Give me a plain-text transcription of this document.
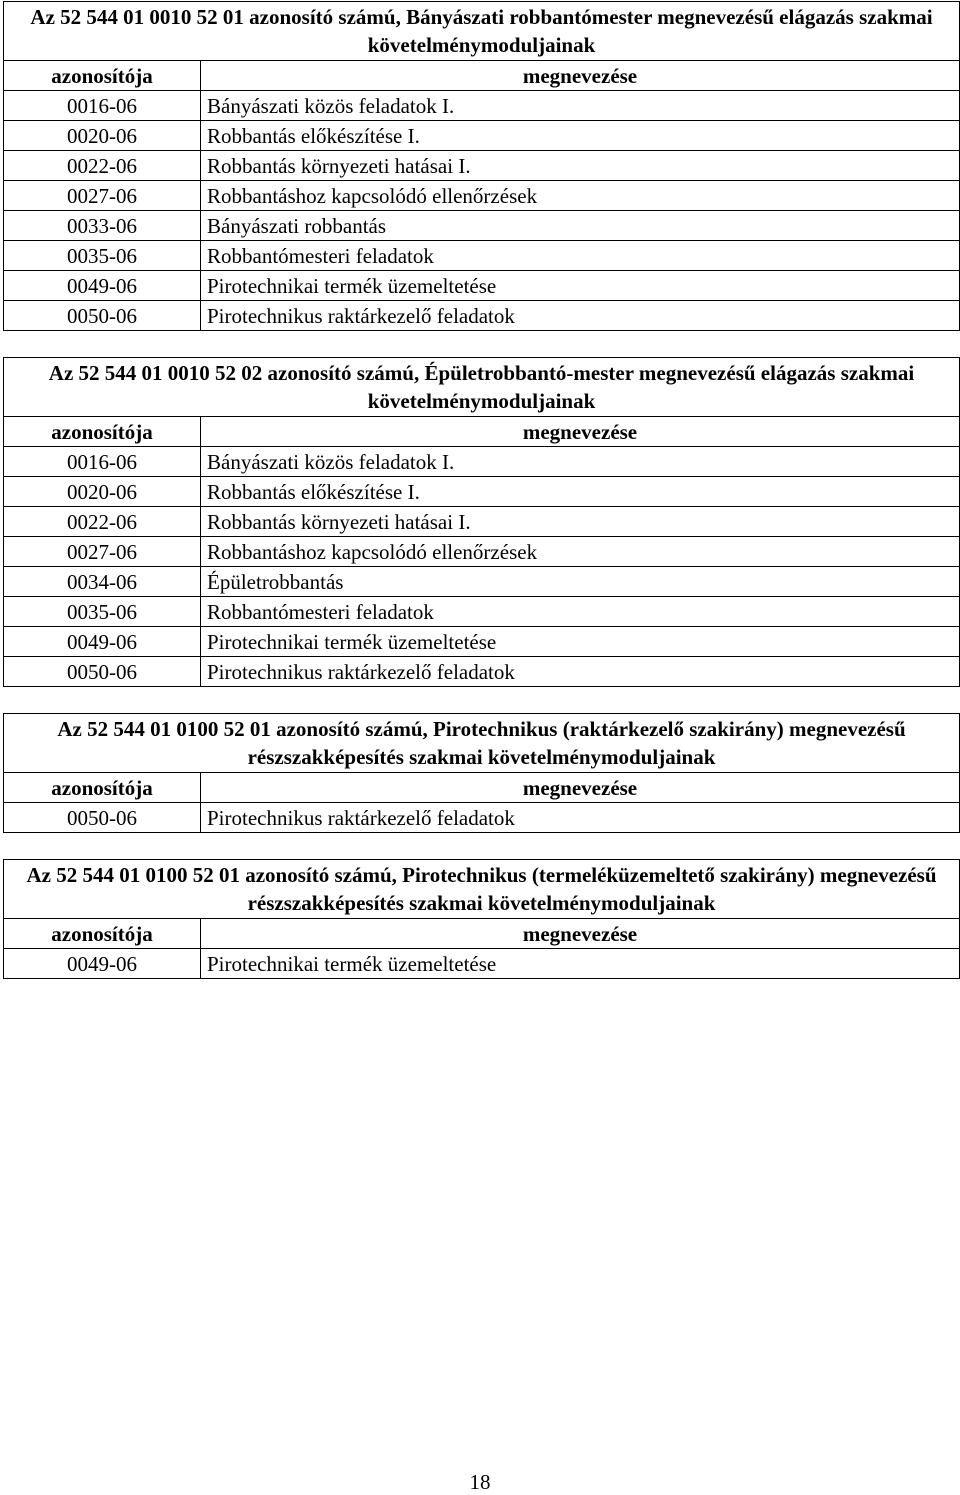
Az 52 544 01 0010 52 01 azonosító számú, Bányászati robbantómester megnevezésű elágazás szakmai követelménymoduljainak	
azonosítója	megnevezése
0016-06	Bányászati közös feladatok I.
0020-06	Robbantás előkészítése I.
0022-06	Robbantás környezeti hatásai I.
0027-06	Robbantáshoz kapcsolódó ellenőrzések
0033-06	Bányászati robbantás
0035-06	Robbantómesteri feladatok
0049-06	Pirotechnikai termék üzemeltetése
0050-06	Pirotechnikus raktárkezelő feladatok
Az 52 544 01 0010 52 02 azonosító számú, Épületrobbantó-mester megnevezésű elágazás szakmai követelménymoduljainak	
azonosítója	megnevezése
0016-06	Bányászati közös feladatok I.
0020-06	Robbantás előkészítése I.
0022-06	Robbantás környezeti hatásai I.
0027-06	Robbantáshoz kapcsolódó ellenőrzések
0034-06	Épületrobbantás
0035-06	Robbantómesteri feladatok
0049-06	Pirotechnikai termék üzemeltetése
0050-06	Pirotechnikus raktárkezelő feladatok
Az 52 544 01 0100 52 01 azonosító számú, Pirotechnikus (raktárkezelő szakirány) megnevezésű részszakképesítés szakmai követelménymoduljainak	
azonosítója	megnevezése
0050-06	Pirotechnikus raktárkezelő feladatok
Az 52 544 01 0100 52 01 azonosító számú, Pirotechnikus (termeléküzemeltető szakirány) megnevezésű részszakképesítés szakmai követelménymoduljainak	
azonosítója	megnevezése
0049-06	Pirotechnikai termék üzemeltetése
18
